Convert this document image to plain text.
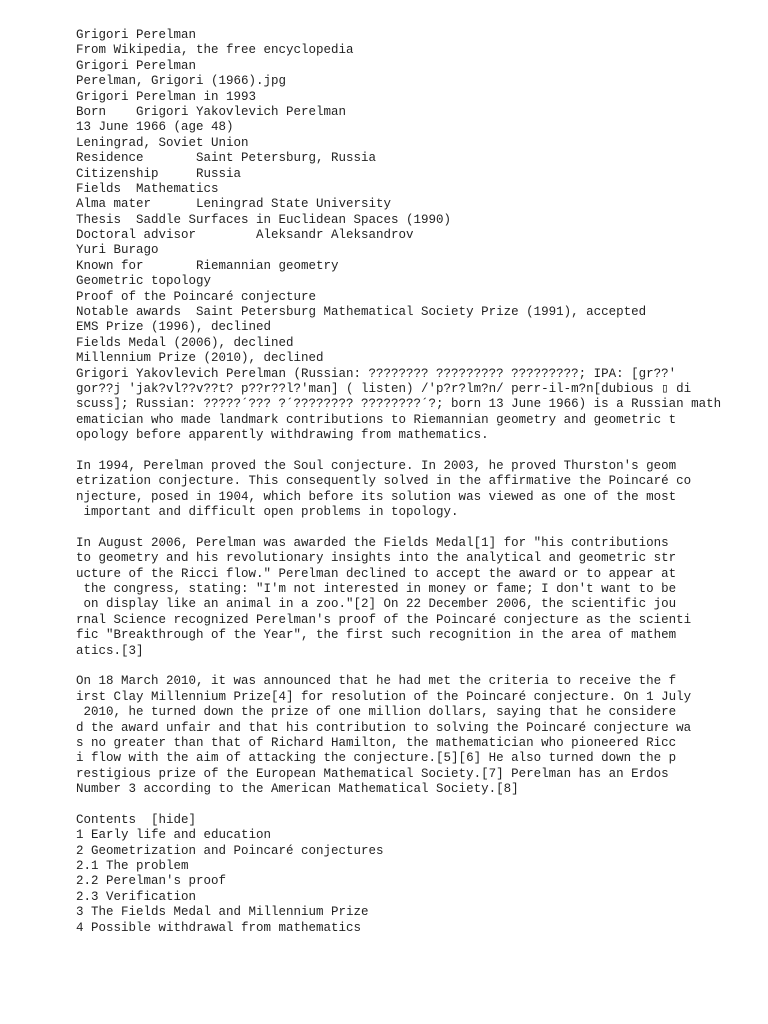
Grigori Perelman
From Wikipedia, the free encyclopedia
Grigori Perelman
Perelman, Grigori (1966).jpg
Grigori Perelman in 1993
Born    Grigori Yakovlevich Perelman
13 June 1966 (age 48)
Leningrad, Soviet Union
Residence       Saint Petersburg, Russia
Citizenship     Russia
Fields  Mathematics
Alma mater      Leningrad State University
Thesis  Saddle Surfaces in Euclidean Spaces (1990)
Doctoral advisor        Aleksandr Aleksandrov
Yuri Burago
Known for       Riemannian geometry
Geometric topology
Proof of the Poincaré conjecture
Notable awards  Saint Petersburg Mathematical Society Prize (1991), accepted
EMS Prize (1996), declined
Fields Medal (2006), declined
Millennium Prize (2010), declined
Grigori Yakovlevich Perelman (Russian: ???????? ????????? ?????????; IPA: [gr??'
gor??j 'jak?vl??v??t? p??r??l?'man] ( listen) /'p?r?lm?n/ perr-il-m?n[dubious ▯ di
scuss]; Russian: ?????´??? ?´???????? ????????´?; born 13 June 1966) is a Russian math
ematician who made landmark contributions to Riemannian geometry and geometric t
opology before apparently withdrawing from mathematics.
In 1994, Perelman proved the Soul conjecture. In 2003, he proved Thurston's geom
etrization conjecture. This consequently solved in the affirmative the Poincaré co
njecture, posed in 1904, which before its solution was viewed as one of the most
important and difficult open problems in topology.
In August 2006, Perelman was awarded the Fields Medal[1] for "his contributions
to geometry and his revolutionary insights into the analytical and geometric str
ucture of the Ricci flow." Perelman declined to accept the award or to appear at
the congress, stating: "I'm not interested in money or fame; I don't want to be
on display like an animal in a zoo."[2] On 22 December 2006, the scientific jou
rnal Science recognized Perelman's proof of the Poincaré conjecture as the scienti
fic "Breakthrough of the Year", the first such recognition in the area of mathem
atics.[3]
On 18 March 2010, it was announced that he had met the criteria to receive the f
irst Clay Millennium Prize[4] for resolution of the Poincaré conjecture. On 1 July
2010, he turned down the prize of one million dollars, saying that he considere
d the award unfair and that his contribution to solving the Poincaré conjecture wa
s no greater than that of Richard Hamilton, the mathematician who pioneered Ricc
i flow with the aim of attacking the conjecture.[5][6] He also turned down the p
restigious prize of the European Mathematical Society.[7] Perelman has an Erdos
Number 3 according to the American Mathematical Society.[8]
Contents  [hide]
1 Early life and education
2 Geometrization and Poincaré conjectures
2.1 The problem
2.2 Perelman's proof
2.3 Verification
3 The Fields Medal and Millennium Prize
4 Possible withdrawal from mathematics
